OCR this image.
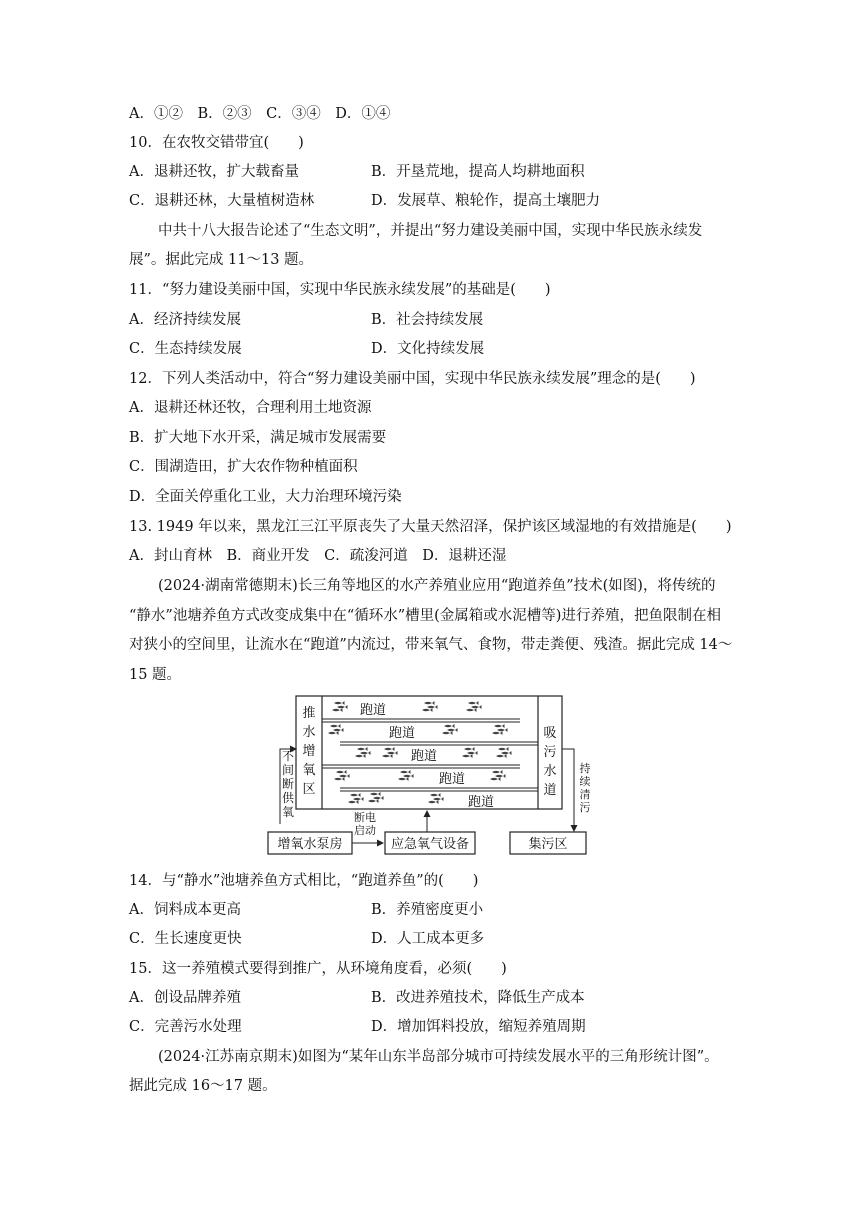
A．①②　B．②③　C．③④　D．①④
10．在农牧交错带宜(　　)
A．退耕还牧，扩大载畜量	B．开垦荒地，提高人均耕地面积
C．退耕还林，大量植树造林	D．发展草、粮轮作，提高土壤肥力
中共十八大报告论述了“生态文明”，并提出“努力建设美丽中国，实现中华民族永续发
展”。据此完成 11～13 题。
11．“努力建设美丽中国，实现中华民族永续发展”的基础是(　　)
A．经济持续发展	B．社会持续发展
C．生态持续发展	D．文化持续发展
12．下列人类活动中，符合“努力建设美丽中国，实现中华民族永续发展”理念的是(　　)
A．退耕还林还牧，合理利用土地资源
B．扩大地下水开采，满足城市发展需要
C．围湖造田，扩大农作物种植面积
D．全面关停重化工业，大力治理环境污染
13. 1949 年以来，黑龙江三江平原丧失了大量天然沼泽，保护该区域湿地的有效措施是(　　)
A．封山育林　B．商业开发　C．疏浚河道　D．退耕还湿
(2024·湖南常德期末)长三角等地区的水产养殖业应用“跑道养鱼”技术(如图)，将传统的
“静水”池塘养鱼方式改变成集中在“循环水”槽里(金属箱或水泥槽等)进行养殖，把鱼限制在相
对狭小的空间里，让流水在“跑道”内流过，带来氧气、食物，带走粪便、残渣。据此完成 14～
15 题。
推
水
增
氧
区
吸
污
水
道
跑道
跑道
跑道
跑道
跑道
不
间
断
供
氧
持
续
清
污
断电
启动
增氧水泵房	应急氧气设备	集污区
14．与“静水”池塘养鱼方式相比，“跑道养鱼”的(　　)
A．饲料成本更高	B．养殖密度更小
C．生长速度更快	D．人工成本更多
15．这一养殖模式要得到推广，从环境角度看，必须(　　)
A．创设品牌养殖	B．改进养殖技术，降低生产成本
C．完善污水处理	D．增加饵料投放，缩短养殖周期
(2024·江苏南京期末)如图为“某年山东半岛部分城市可持续发展水平的三角形统计图”。
据此完成 16～17 题。
